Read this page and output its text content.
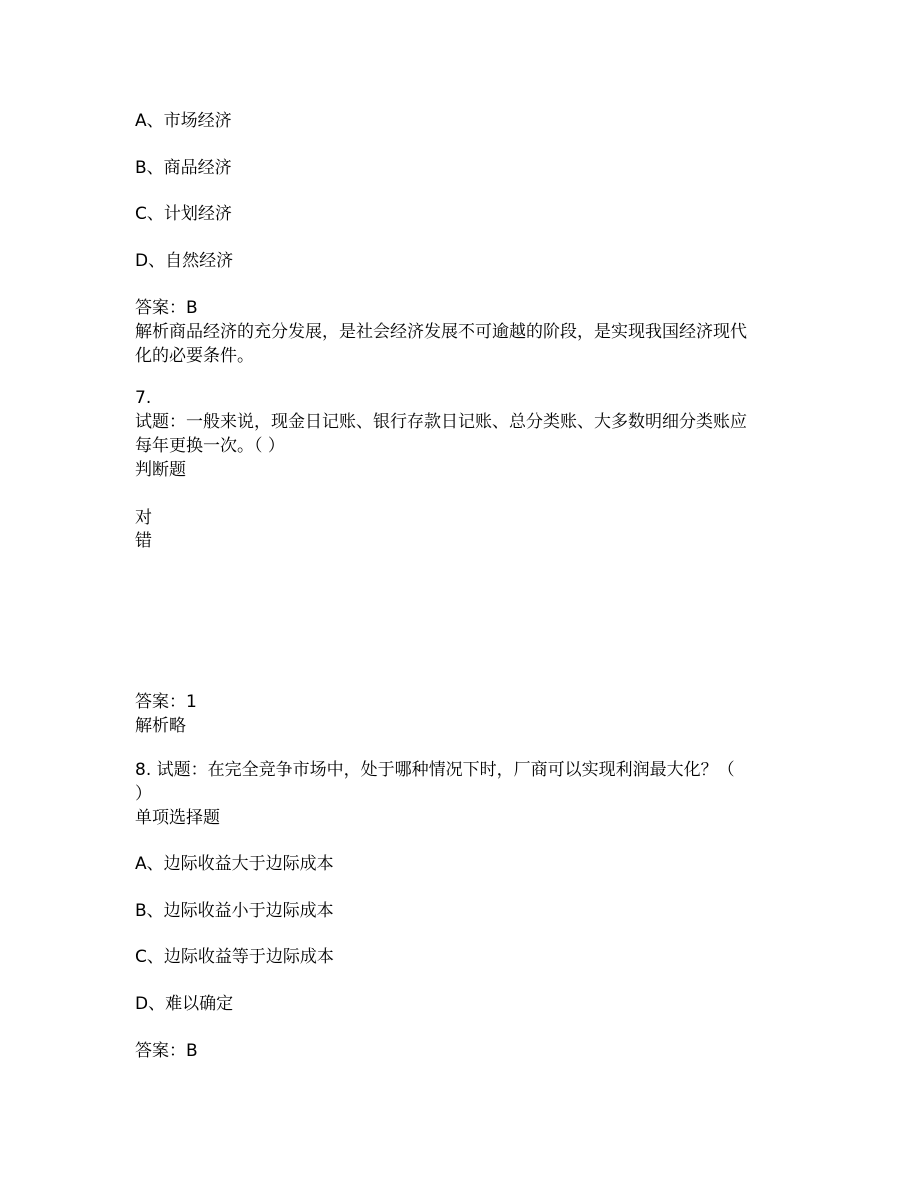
A、市场经济
B、商品经济
C、计划经济
D、自然经济
答案：B
解析商品经济的充分发展，是社会经济发展不可逾越的阶段，是实现我国经济现代
化的必要条件。
7.
试题：一般来说，现金日记账、银行存款日记账、总分类账、大多数明细分类账应
每年更换一次。（ ）
判断题
对
错
答案：1
解析略
8. 试题：在完全竞争市场中，处于哪种情况下时，厂商可以实现利润最大化？（
）
单项选择题
A、边际收益大于边际成本
B、边际收益小于边际成本
C、边际收益等于边际成本
D、难以确定
答案：B
